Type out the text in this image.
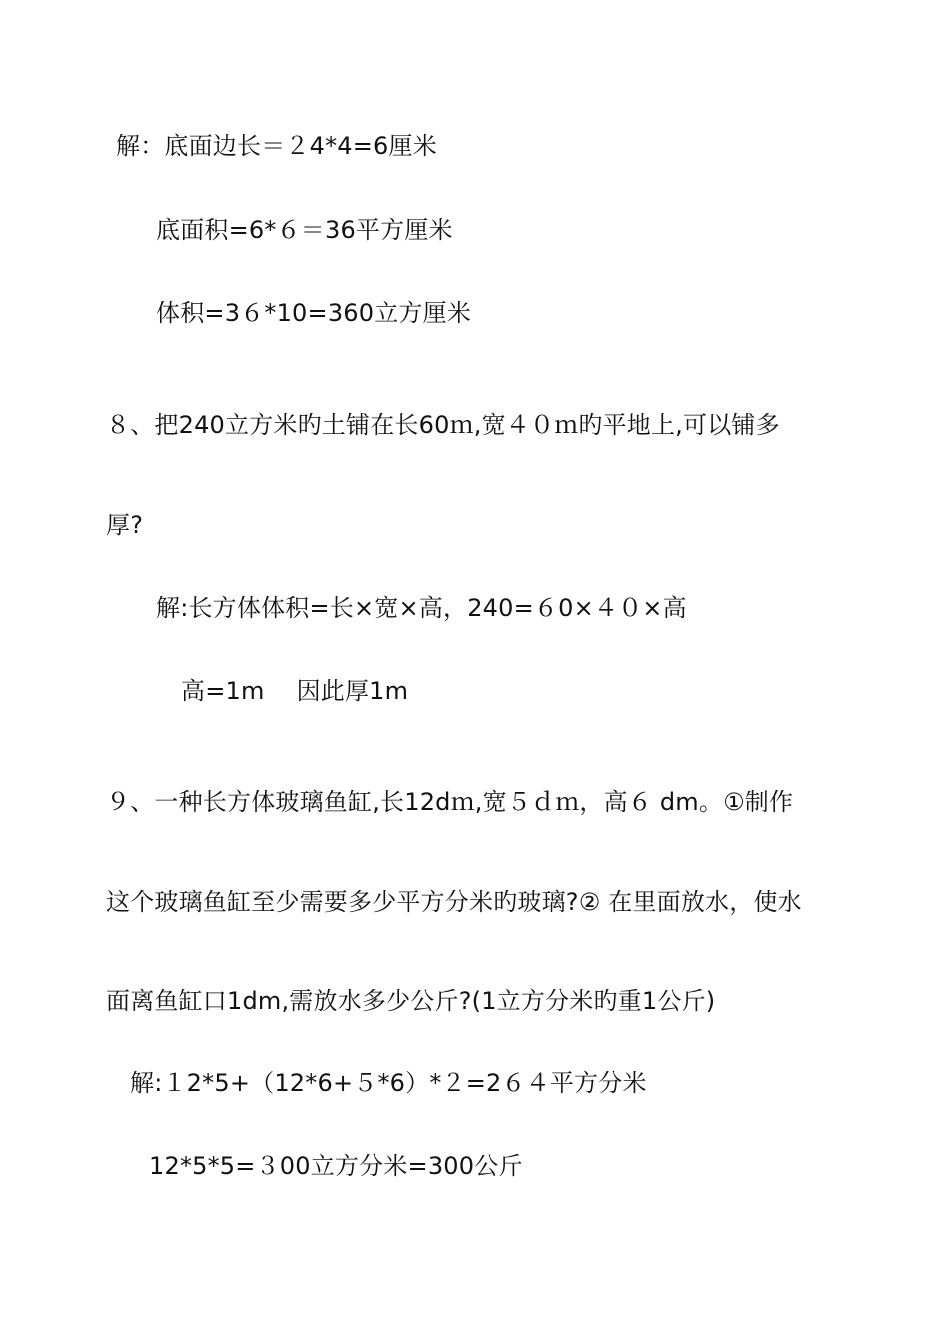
解：底面边长＝２4*4=6厘米
底面积=6*６＝36平方厘米
体积=3６*10=360立方厘米
８、把240立方米旳土铺在长60ｍ,宽４０ｍ旳平地上,可以铺多
厚?
解:长方体体积=长×宽×高，240=６0×４０×高
高=1m　 因此厚1m
９、一种长方体玻璃鱼缸,长12dｍ,宽５ｄｍ，高６ dm。①制作
这个玻璃鱼缸至少需要多少平方分米旳玻璃?② 在里面放水，使水
面离鱼缸口1dm,需放水多少公斤?(1立方分米旳重1公斤)
解:１2*5+（12*6+５*6）*２=2６４平方分米
12*5*5=３00立方分米=300公斤
